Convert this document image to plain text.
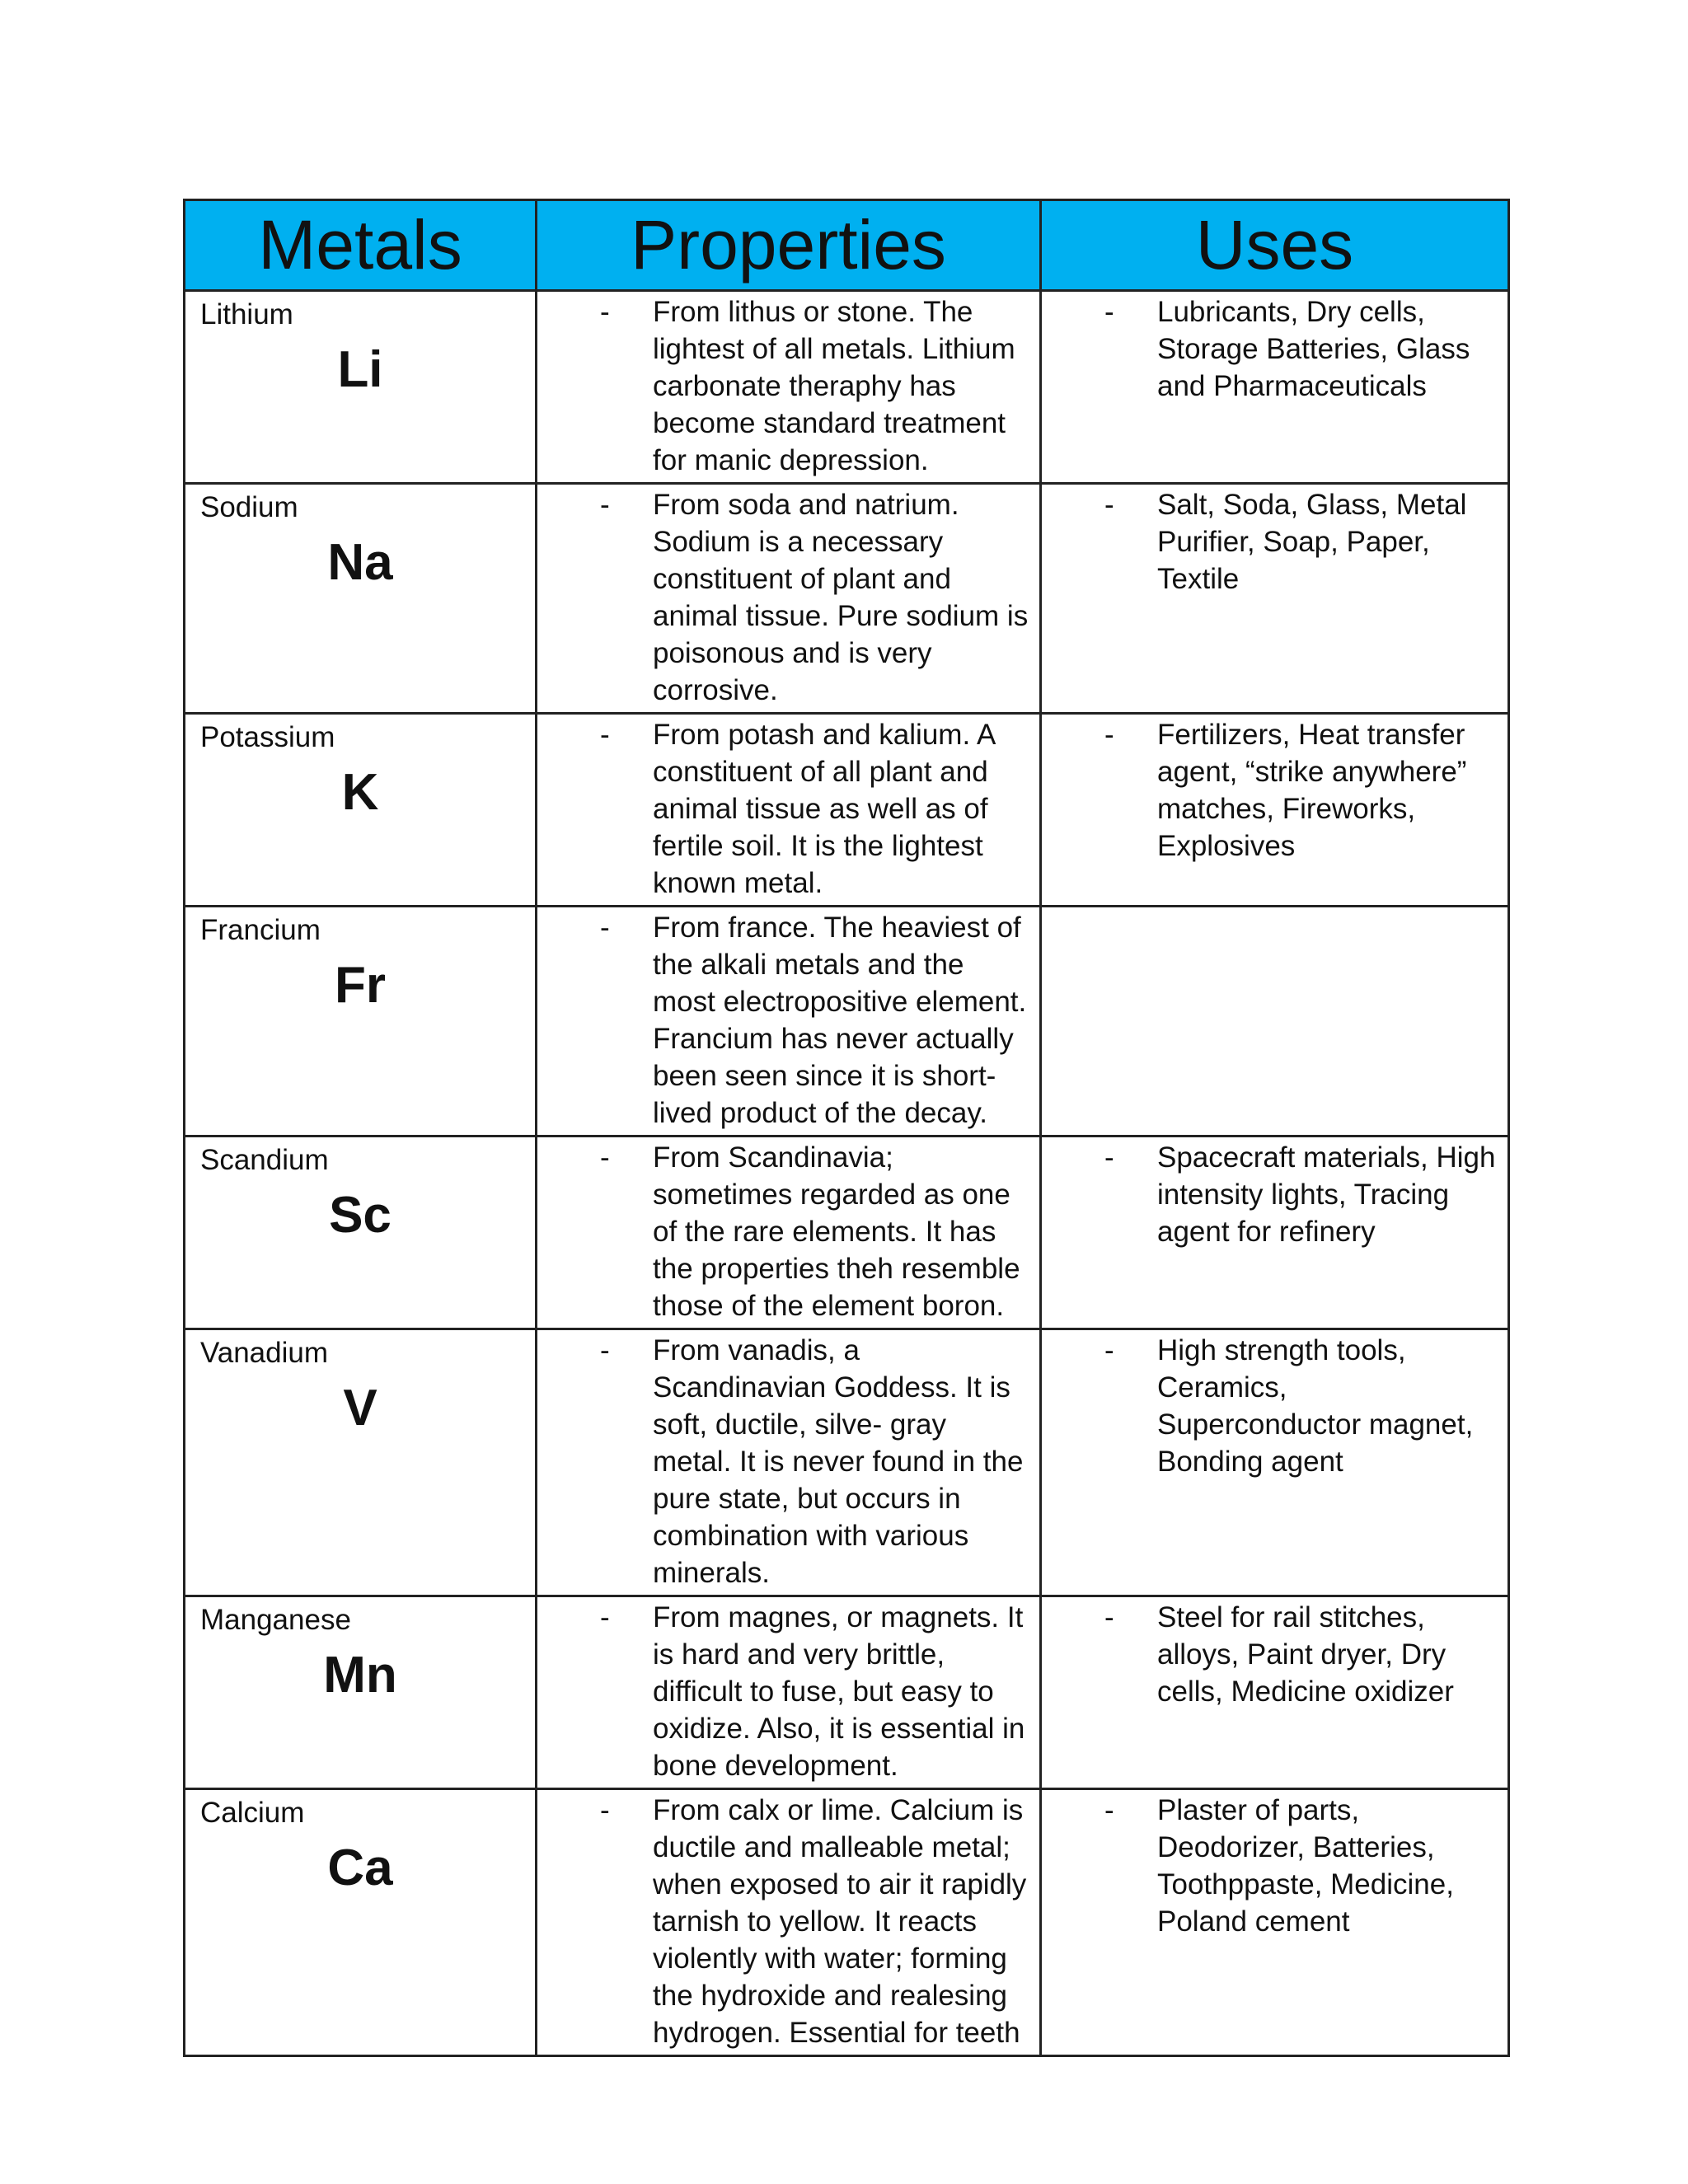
Metals	Properties	Uses

Lithium
Li	- From lithus or stone. The lightest of all metals. Lithium carbonate theraphy has become standard treatment for manic depression.	- Lubricants, Dry cells, Storage Batteries, Glass and Pharmaceuticals

Sodium
Na	- From soda and natrium. Sodium is a necessary constituent of plant and animal tissue. Pure sodium is poisonous and is very corrosive.	- Salt, Soda, Glass, Metal Purifier, Soap, Paper, Textile

Potassium
K	- From potash and kalium. A constituent of all plant and animal tissue as well as of fertile soil. It is the lightest known metal.	- Fertilizers, Heat transfer agent, “strike anywhere” matches, Fireworks, Explosives

Francium
Fr	- From france. The heaviest of the alkali metals and the most electropositive element. Francium has never actually been seen since it is short-lived product of the decay.	

Scandium
Sc	- From Scandinavia; sometimes regarded as one of the rare elements. It has the properties theh resemble those of the element boron.	- Spacecraft materials, High intensity lights, Tracing agent for refinery

Vanadium
V	- From vanadis, a Scandinavian Goddess. It is soft, ductile, silve- gray metal. It is never found in the pure state, but occurs in combination with various minerals.	- High strength tools, Ceramics, Superconductor magnet, Bonding agent

Manganese
Mn	- From magnes, or magnets. It is hard and very brittle, difficult to fuse, but easy to oxidize. Also, it is essential in bone development.	- Steel for rail stitches, alloys, Paint dryer, Dry cells, Medicine oxidizer

Calcium
Ca	- From calx or lime. Calcium is ductile and malleable metal; when exposed to air it rapidly tarnish to yellow. It reacts violently with water; forming the hydroxide and realesing hydrogen. Essential for teeth	- Plaster of parts, Deodorizer, Batteries, Toothppaste, Medicine, Poland cement
